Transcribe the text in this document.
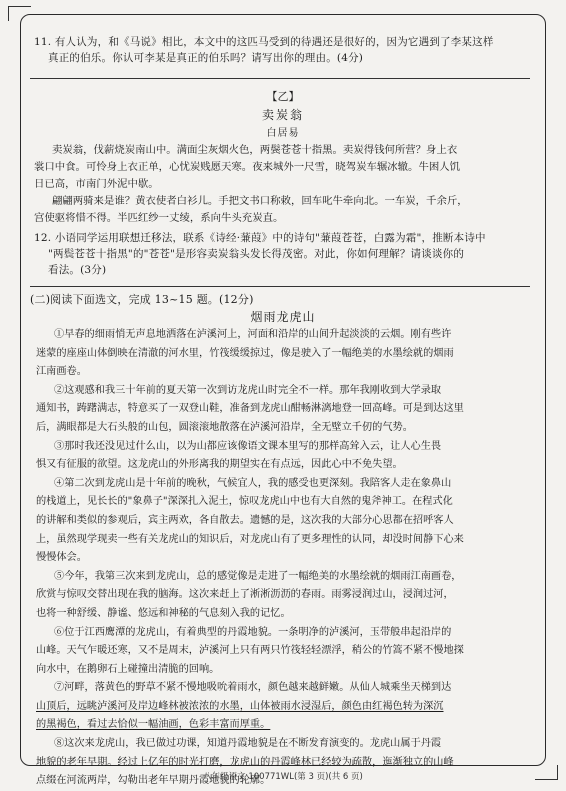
11. 有人认为，和《马说》相比，本文中的这匹马受到的待遇还是很好的，因为它遇到了李某这样
真正的伯乐。你认可李某是真正的伯乐吗？请写出你的理由。(4分)
【乙】
卖炭翁
白居易
卖炭翁，伐薪烧炭南山中。满面尘灰烟火色，两鬓苍苍十指黑。卖炭得钱何所营？身上衣
裳口中食。可怜身上衣正单，心忧炭贱愿天寒。夜来城外一尺雪，晓驾炭车辗冰辙。牛困人饥
日已高，市南门外泥中歇。
翩翩两骑来是谁？黄衣使者白衫儿。手把文书口称敕，回车叱牛牵向北。一车炭，千余斤，
宫使驱将惜不得。半匹红纱一丈绫，系向牛头充炭直。
12. 小语同学运用联想迁移法，联系《诗经·蒹葭》中的诗句"蒹葭苍苍，白露为霜"，推断本诗中
"两鬓苍苍十指黑"的"苍苍"是形容卖炭翁头发长得茂密。对此，你如何理解？请谈谈你的
看法。(3分)
(二)阅读下面选文，完成 13~15 题。(12分)
烟雨龙虎山

①早春的细雨悄无声息地洒落在泸溪河上，河面和沿岸的山间升起淡淡的云烟。刚有些许
迷蒙的座座山体倒映在清澈的河水里，竹筏缓缓掠过，像是驶入了一幅绝美的水墨绘就的烟雨
江南画卷。

②这观感和我三十年前的夏天第一次到访龙虎山时完全不一样。那年我刚收到大学录取
通知书，踌躇满志，特意买了一双登山鞋，准备到龙虎山酣畅淋漓地登一回高峰。可是到达这里
后，满眼都是大石头般的山包，圆滚滚地散落在泸溪河沿岸，全无壁立千仞的气势。

③那时我还没见过什么山，以为山都应该像语文课本里写的那样高耸入云，让人心生畏
惧又有征服的欲望。这龙虎山的外形离我的期望实在有点远，因此心中不免失望。

④第二次到龙虎山是十年前的晚秋，气候宜人，我的感受也更深刻。我陪客人走在象鼻山
的栈道上，见长长的"象鼻子"深深扎入泥土，惊叹龙虎山中也有大自然的鬼斧神工。在程式化
的讲解和类似的参观后，宾主两欢，各自散去。遗憾的是，这次我的大部分心思都在招呼客人
上，虽然现学现卖一些有关龙虎山的知识后，对龙虎山有了更多理性的认同，却没时间静下心来
慢慢体会。

⑤今年，我第三次来到龙虎山，总的感觉像是走进了一幅绝美的水墨绘就的烟雨江南画卷，
欣赏与惊叹交替出现在我的脑海。这次来赶上了淅淅沥沥的春雨。雨雾浸润过山，浸润过河，
也将一种舒缓、静谧、悠远和神秘的气息刻入我的记忆。

⑥位于江西鹰潭的龙虎山，有着典型的丹霞地貌。一条明净的泸溪河，玉带般串起沿岸的
山峰。天气乍暖还寒，又不是周末，泸溪河上只有两只竹筏轻轻漂浮，稍公的竹篙不紧不慢地探
向水中，在鹅卵石上碰撞出清脆的回响。

⑦河畔，落黄色的野草不紧不慢地吸吮着雨水，颜色越来越鲜嫩。从仙人城乘坐天梯到达
山顶后，远眺泸溪河及岸边峰林被浓浓的水墨，山体被雨水浸湿后，颜色由红褐色转为深沉
的黑褐色，看过去恰似一幅油画，色彩丰富而厚重。

⑧这次来龙虎山，我已做过功课，知道丹霞地貌是在不断发育演变的。龙虎山属于丹霞
地貌的老年早期。经过上亿年的时光打磨，龙虎山的丹霞峰林已经较为疏散，迤渐独立的山峰
点缀在河流两岸，勾勒出老年早期丹霞地貌的轮廓。

八年级语文 100771WL(第 3 页)(共 6 页)
